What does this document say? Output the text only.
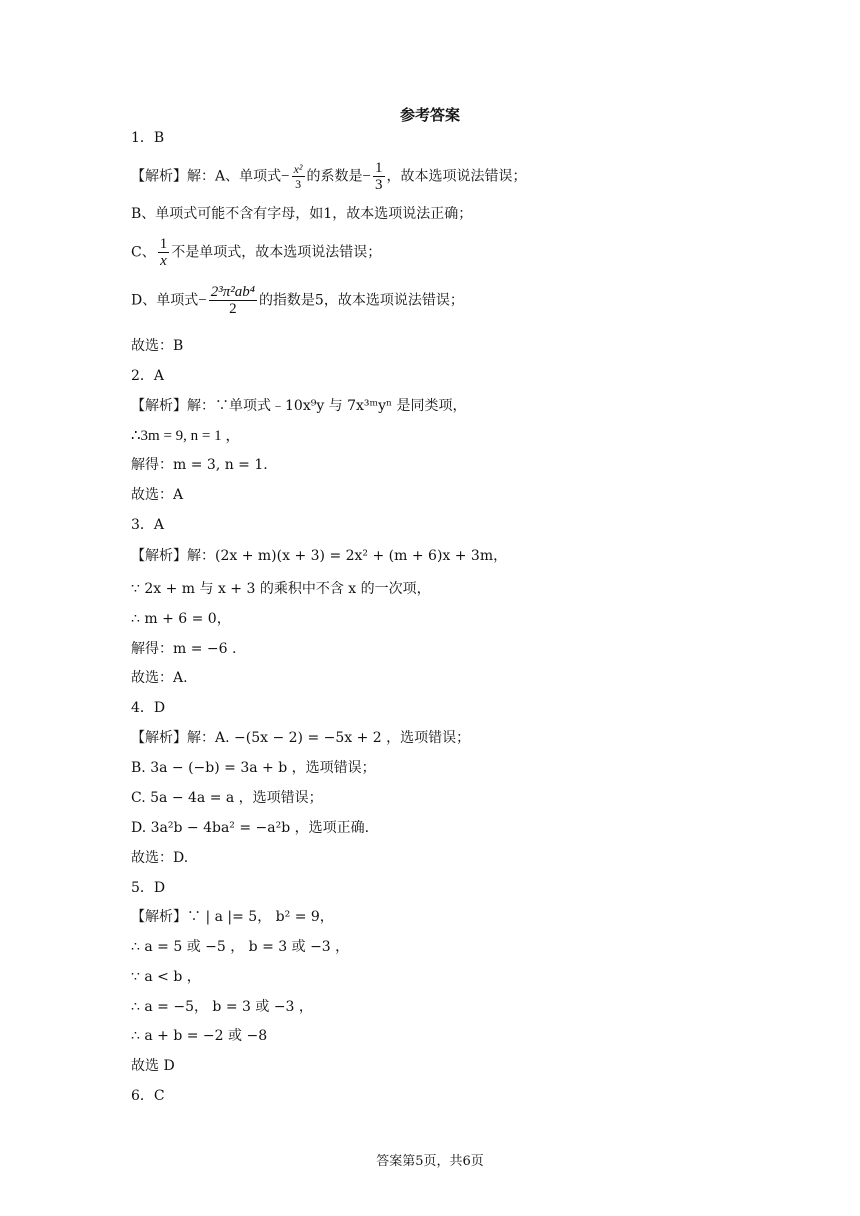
参考答案
1．B
【解析】解：A、单项式− $\frac{\text{x²}}{3}$ 的系数是− $\frac{1}{3}$ ，故本选项说法错误；
B、单项式可能不含有字母，如1，故本选项说法正确；
C、 $\frac{1}{x}$ 不是单项式，故本选项说法错误；
D、单项式− $\frac{\text{2³π²ab⁴}}{2}$ 的指数是5，故本选项说法错误；
故选：B
2．A
【解析】解：∵单项式﹣10x⁹y 与 7x³ᵐyⁿ 是同类项，
∴3m = 9, n = 1 ，
解得：m = 3, n = 1.
故选：A
3．A
【解析】解：(2x + m)(x + 3) = 2x² + (m + 6)x + 3m，
∵ 2x + m 与 x + 3 的乘积中不含 x 的一次项，
∴ m + 6 = 0，
解得：m = −6 .
故选：A.
4．D
【解析】解：A. −(5x − 2) = −5x + 2 ，选项错误；
B. 3a − (−b) = 3a + b ，选项错误；
C. 5a − 4a = a ，选项错误；
D. 3a²b − 4ba² = −a²b ，选项正确.
故选：D.
5．D
【解析】∵ | a |= 5， b² = 9，
∴ a = 5 或 −5 ， b = 3 或 −3 ，
∵ a < b ，
∴ a = −5， b = 3 或 −3 ，
∴ a + b = −2 或 −8
故选 D
6．C
答案第5页，共6页
